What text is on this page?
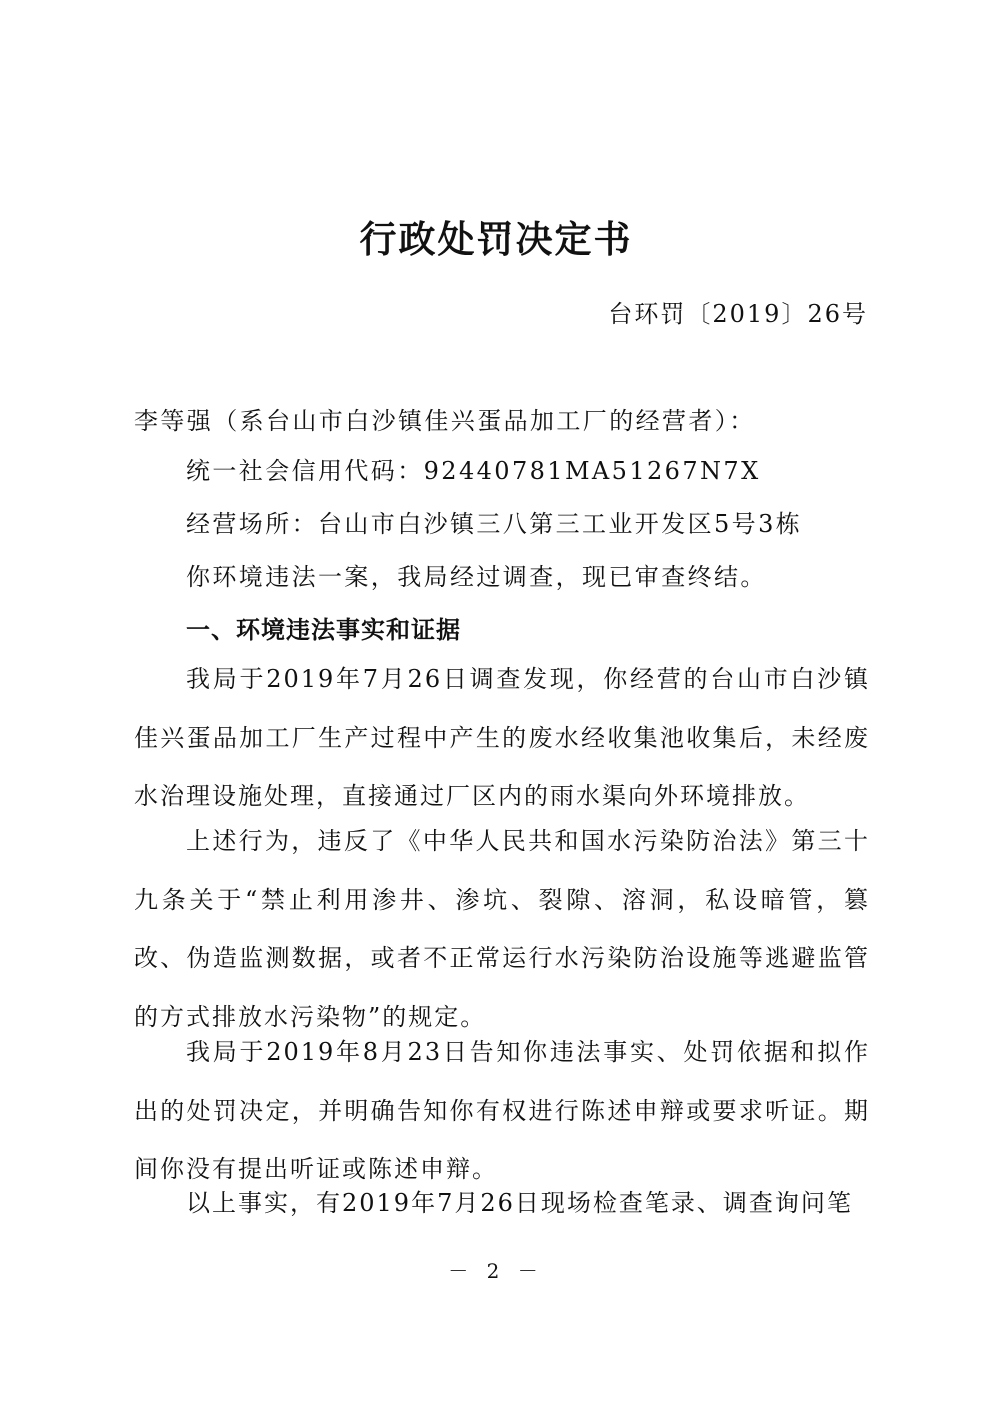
行政处罚决定书
台环罚〔2019〕26号
李等强（系台山市白沙镇佳兴蛋品加工厂的经营者）：
统一社会信用代码：92440781MA51267N7X
经营场所：台山市白沙镇三八第三工业开发区5号3栋
你环境违法一案，我局经过调查，现已审查终结。
一、环境违法事实和证据
我局于2019年7月26日调查发现，你经营的台山市白沙镇佳兴蛋品加工厂生产过程中产生的废水经收集池收集后，未经废水治理设施处理，直接通过厂区内的雨水渠向外环境排放。
上述行为，违反了《中华人民共和国水污染防治法》第三十九条关于“禁止利用渗井、渗坑、裂隙、溶洞，私设暗管，篡改、伪造监测数据，或者不正常运行水污染防治设施等逃避监管的方式排放水污染物”的规定。
我局于2019年8月23日告知你违法事实、处罚依据和拟作出的处罚决定，并明确告知你有权进行陈述申辩或要求听证。期间你没有提出听证或陈述申辩。
以上事实，有2019年7月26日现场检查笔录、调查询问笔
－ 2 －
